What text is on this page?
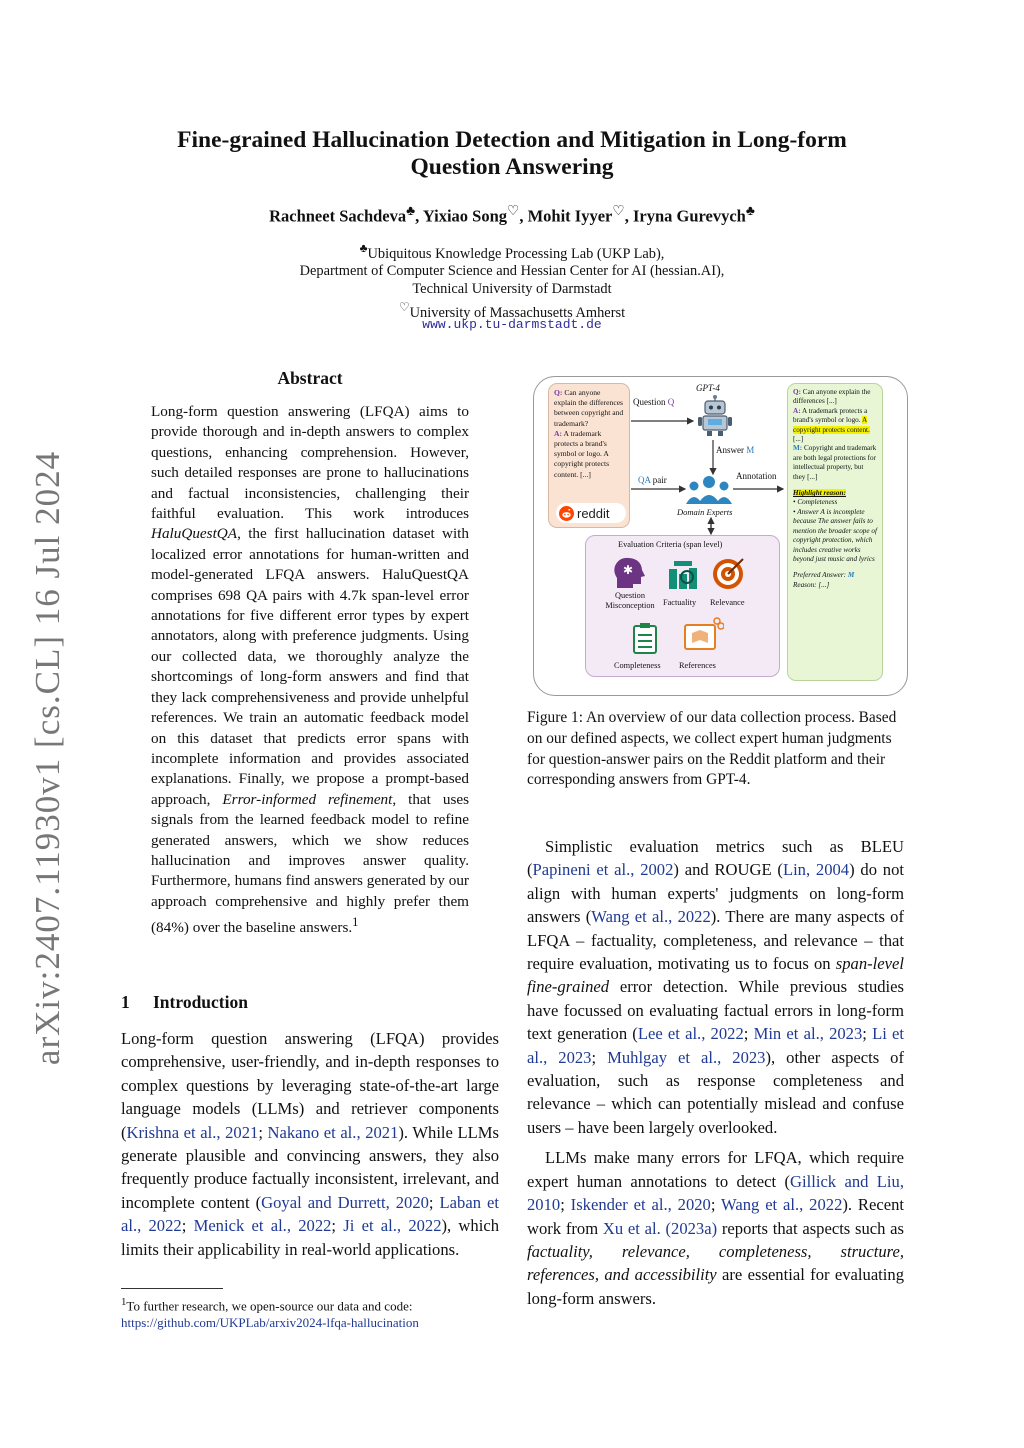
arXiv:2407.11930v1 [cs.CL] 16 Jul 2024
Fine-grained Hallucination Detection and Mitigation in Long-form
Question Answering
Rachneet Sachdeva♣, Yixiao Song♡, Mohit Iyyer♡, Iryna Gurevych♣
♣Ubiquitous Knowledge Processing Lab (UKP Lab),
Department of Computer Science and Hessian Center for AI (hessian.AI),
Technical University of Darmstadt
♡University of Massachusetts Amherst
www.ukp.tu-darmstadt.de
Abstract
Long-form question answering (LFQA) aims to provide thorough and in-depth answers to complex questions, enhancing comprehension. However, such detailed responses are prone to hallucinations and factual inconsistencies, challenging their faithful evaluation. This work introduces HaluQuestQA, the first hallucination dataset with localized error annotations for human-written and model-generated LFQA answers. HaluQuestQA comprises 698 QA pairs with 4.7k span-level error annotations for five different error types by expert annotators, along with preference judgments. Using our collected data, we thoroughly analyze the shortcomings of long-form answers and find that they lack comprehensiveness and provide unhelpful references. We train an automatic feedback model on this dataset that predicts error spans with incomplete information and provides associated explanations. Finally, we propose a prompt-based approach, Error-informed refinement, that uses signals from the learned feedback model to refine generated answers, which we show reduces hallucination and improves answer quality. Furthermore, humans find answers generated by our approach comprehensive and highly prefer them (84%) over the baseline answers.$^1$
1 Introduction
Long-form question answering (LFQA) provides comprehensive, user-friendly, and in-depth responses to complex questions by leveraging state-of-the-art large language models (LLMs) and retriever components (Krishna et al., 2021; Nakano et al., 2021). While LLMs generate plausible and convincing answers, they also frequently produce factually inconsistent, irrelevant, and incomplete content (Goyal and Durrett, 2020; Laban et al., 2022; Menick et al., 2022; Ji et al., 2022), which limits their applicability in real-world applications.
$^1$To further research, we open-source our data and code:
https://github.com/UKPLab/arxiv2024-lfqa-hallucination
Q: Can anyone explain the differences between copyright and trademark?
A: A trademark protects a brand's symbol or logo. A copyright protects content. [...]
reddit
GPT-4
Question Q
Answer M
QA pair	Annotation
Domain Experts
Evaluation Criteria (span level)
✱
Question Misconception	Factuality Relevance
Completeness References
Q: Can anyone explain the differences [...]
A: A trademark protects a brand's symbol or logo. A copyright protects content. [...]
M: Copyright and trademark are both legal protections for intellectual property, but they [...]
Highlight reason:
• Completeness
• Answer A is incomplete because The answer fails to mention the broader scope of copyright protection, which includes creative works beyond just music and lyrics
Preferred Answer: M
Reason: [...]
Figure 1: An overview of our data collection process. Based on our defined aspects, we collect expert human judgments for question-answer pairs on the Reddit platform and their corresponding answers from GPT-4.

Simplistic evaluation metrics such as BLEU (Papineni et al., 2002) and ROUGE (Lin, 2004) do not align with human experts' judgments on long-form answers (Wang et al., 2022). There are many aspects of LFQA – factuality, completeness, and relevance – that require evaluation, motivating us to focus on span-level fine-grained error detection. While previous studies have focussed on evaluating factual errors in long-form text generation (Lee et al., 2022; Min et al., 2023; Li et al., 2023; Muhlgay et al., 2023), other aspects of evaluation, such as response completeness and relevance – which can potentially mislead and confuse users – have been largely overlooked.

LLMs make many errors for LFQA, which require expert human annotations to detect (Gillick and Liu, 2010; Iskender et al., 2020; Wang et al., 2022). Recent work from Xu et al. (2023a) reports that aspects such as factuality, relevance, completeness, structure, references, and accessibility are essential for evaluating long-form answers.
